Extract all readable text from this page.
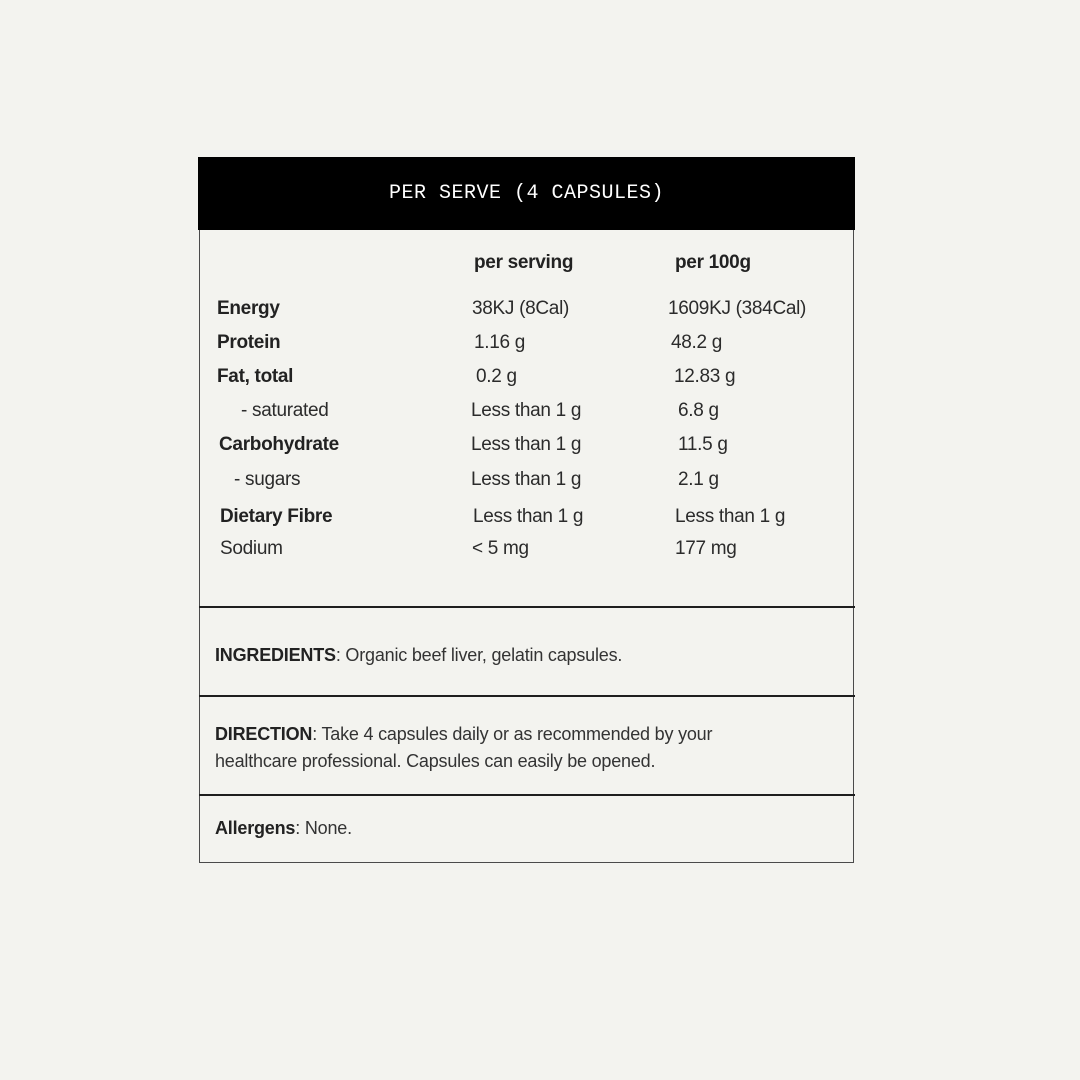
PER SERVE (4 CAPSULES)
per serving	per 100g
Energy	38KJ (8Cal)	1609KJ (384Cal)
Protein	1.16 g	48.2 g
Fat, total	0.2 g	12.83 g
- saturated	Less than 1 g	6.8 g
Carbohydrate	Less than 1 g	11.5 g
- sugars	Less than 1 g	2.1 g
Dietary Fibre	Less than 1 g	Less than 1 g
Sodium	< 5 mg	177 mg
INGREDIENTS: Organic beef liver, gelatin capsules.
DIRECTION: Take 4 capsules daily or as recommended by your healthcare professional. Capsules can easily be opened.
Allergens: None.
